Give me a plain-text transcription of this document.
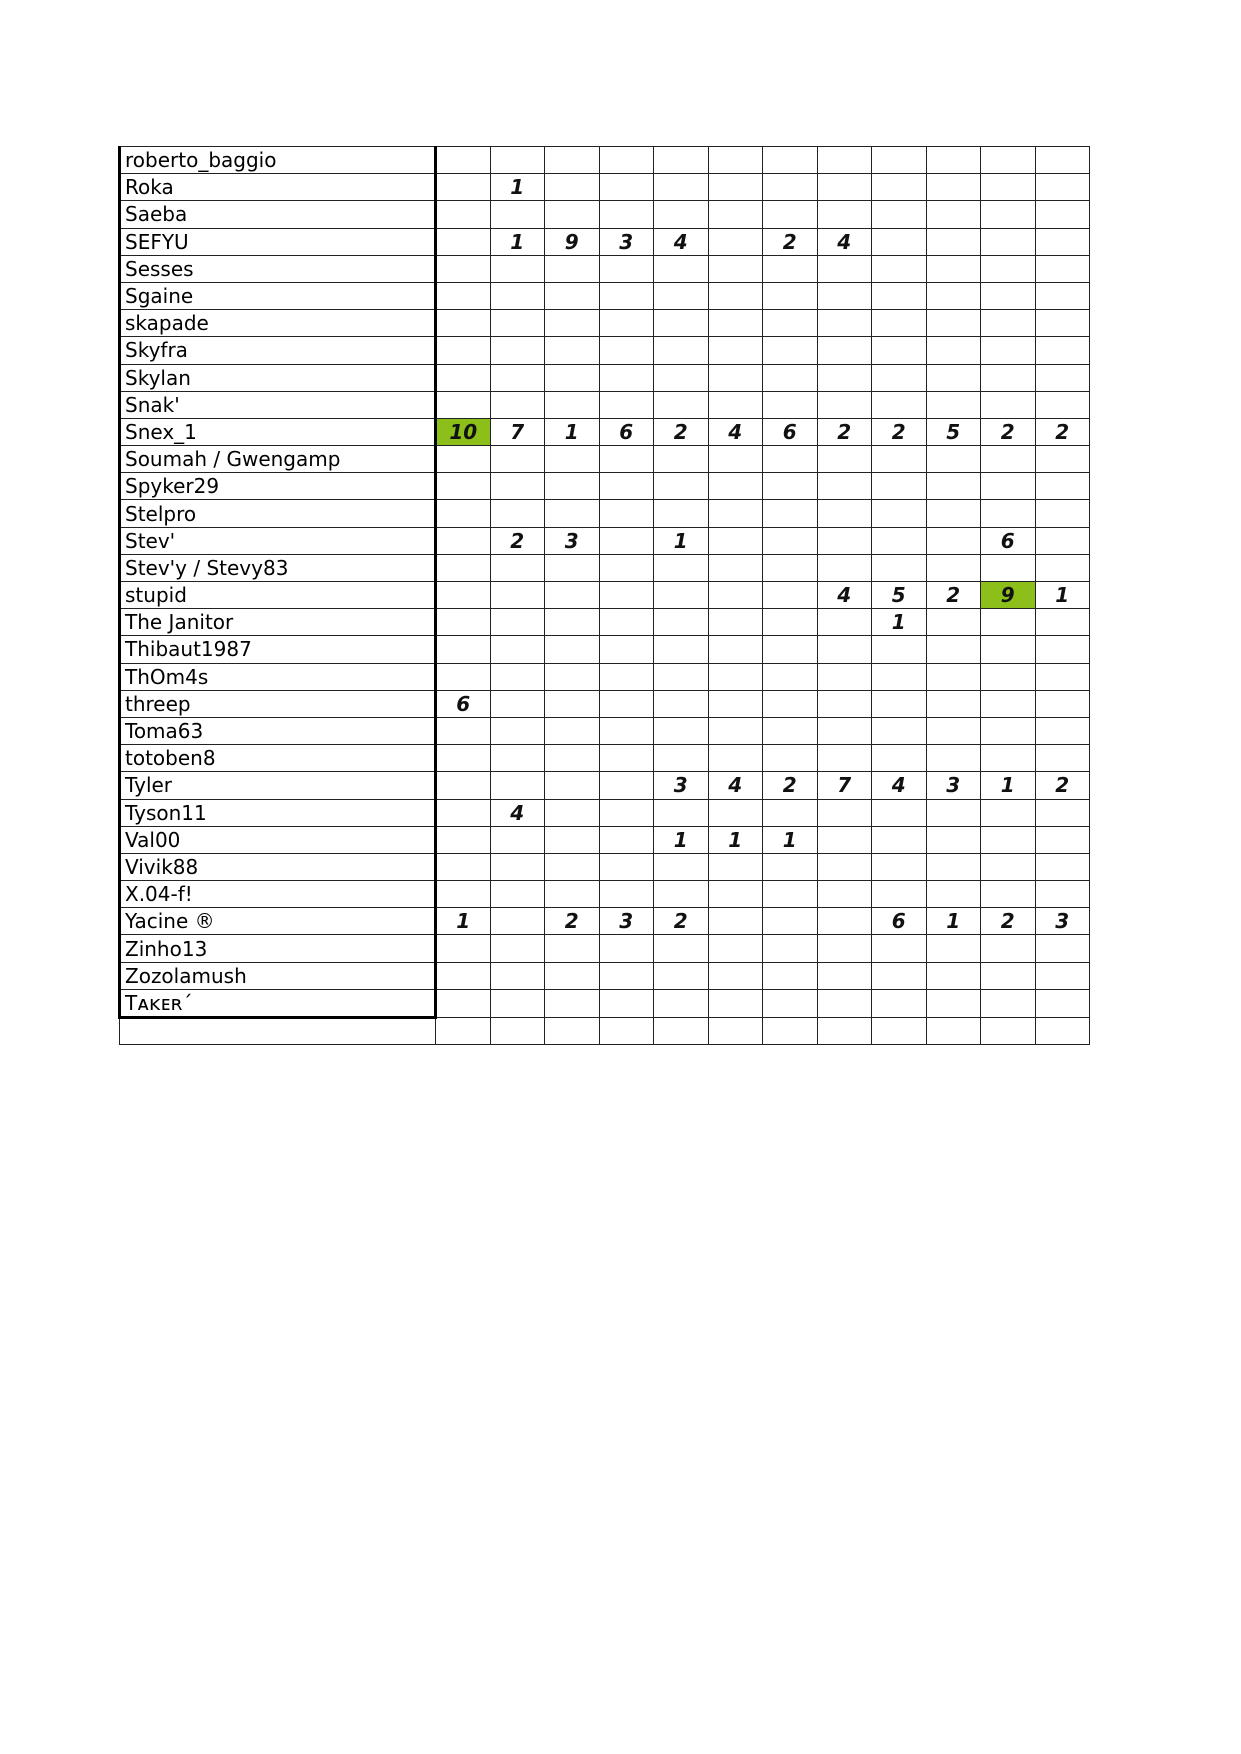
roberto_baggio												
Roka		1										
Saeba												
SEFYU		1	9	3	4		2	4				
Sesses												
Sgaine												
skapade												
Skyfra												
Skylan												
Snak'												
Snex_1	10	7	1	6	2	4	6	2	2	5	2	2
Soumah / Gwengamp												
Spyker29												
Stelpro												
Stev'		2	3		1						6	
Stev'y / Stevy83												
stupid								4	5	2	9	1
The Janitor									1			
Thibaut1987												
ThOm4s												
threep	6											
Toma63												
totoben8												
Tyler					3	4	2	7	4	3	1	2
Tyson11		4										
Val00					1	1	1					
Vivik88												
X.04-f!												
Yacine ®	1		2	3	2				6	1	2	3
Zinho13												
Zozolamush												
Tᴀᴋᴇʀ´												
